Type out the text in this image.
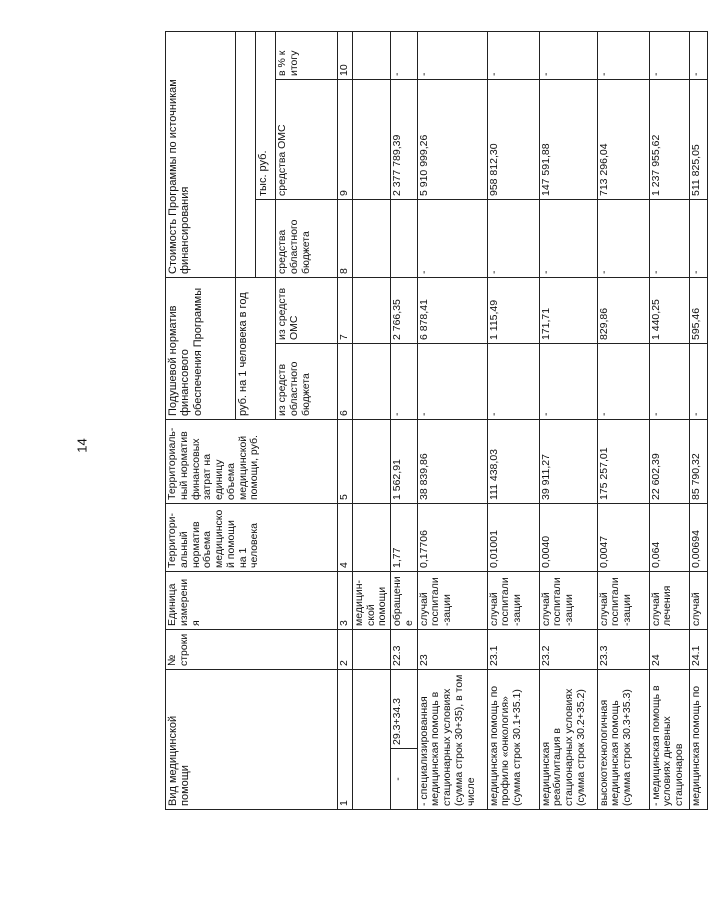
14
Вид медицинской помощи	№ строки	Единица измерения	Территори-альный норматив объема медицинской помощи на 1 человека	Территориаль-ный норматив финансовых затрат на единицу объема медицинской помощи, руб.	Подушевой норматив финансового обеспечения Программы		Стоимость Программы по источникам финансирования		
					руб. на 1 человека в год				
								тыс. руб.	
					из средств областного бюджета	из средств ОМС	средства областного бюджета	средства ОМС	в % к итогу
1	2	3	4	5	6	7	8	9	10
		медицин-ской помощи							

-
29.3+34.3	22.3	обращение	1,77	1 562,91	-	2 766,35		2 377 789,39	-
- специализированная медицинская помощь в стационарных условиях (сумма строк 30+35), в том числе	23	случай госпитали-зации	0,17706	38 839,86	-	6 878,41	-	5 910 999,26	-
медицинская помощь по профилю «онкология» (сумма строк 30.1+35.1)	23.1	случай госпитали-зации	0,01001	111 438,03	-	1 115,49	-	958 812,30	-
медицинская реабилитация в стационарных условиях (сумма строк 30.2+35.2)	23.2	случай госпитали-зации	0,0040	39 911,27	-	171,71	-	147 591,88	-
высокотехнологичная медицинская помощь (сумма строк 30.3+35.3)	23.3	случай госпитали-зации	0,0047	175 257,01	-	829,86	-	713 296,04	-
- медицинская помощь в условиях дневных стационаров	24	случай лечения	0,064	22 602,39	-	1 440,25	-	1 237 955,62	-
медицинская помощь по	24.1	случай	0,00694	85 790,32	-	595,46	-	511 825,05	-
